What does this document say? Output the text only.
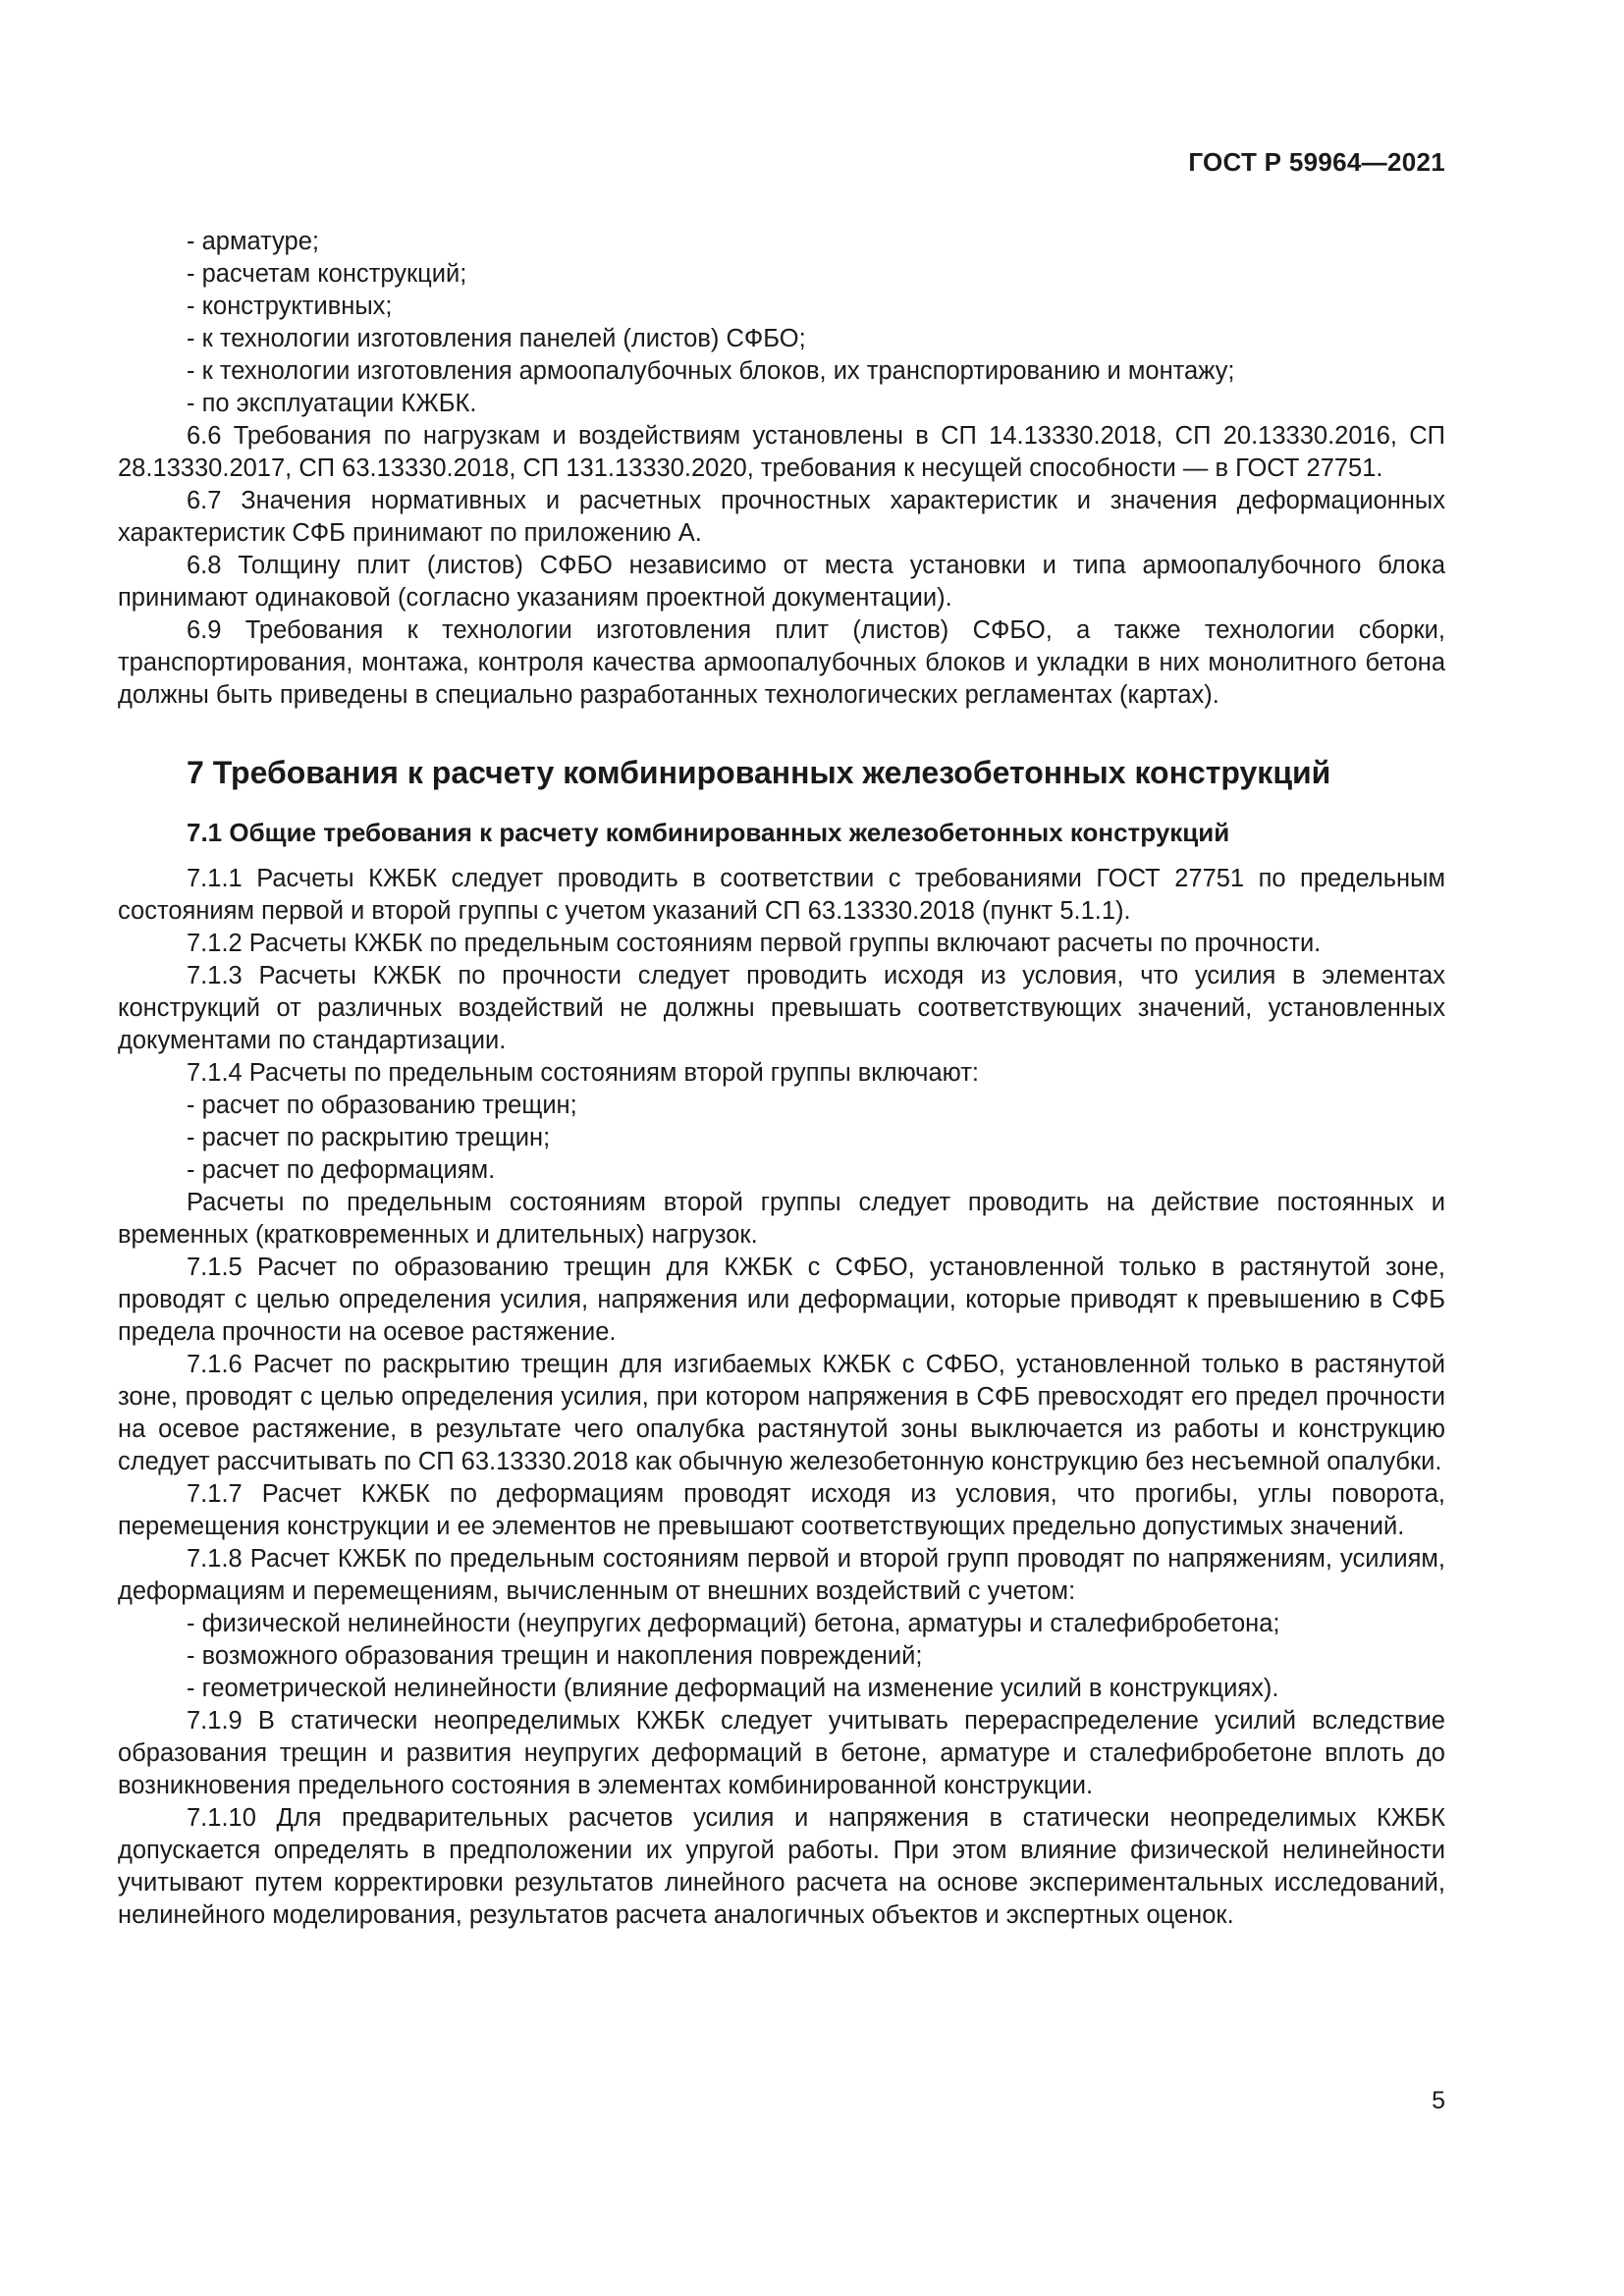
ГОСТ Р 59964—2021

- арматуре;

- расчетам конструкций;

- конструктивных;

- к технологии изготовления панелей (листов) СФБО;

- к технологии изготовления армоопалубочных блоков, их транспортированию и монтажу;

- по эксплуатации КЖБК.

6.6 Требования по нагрузкам и воздействиям установлены в СП 14.13330.2018, СП 20.13330.2016, СП 28.13330.2017, СП 63.13330.2018, СП 131.13330.2020, требования к несущей способности — в ГОСТ 27751.

6.7 Значения нормативных и расчетных прочностных характеристик и значения деформационных характеристик СФБ принимают по приложению А.

6.8 Толщину плит (листов) СФБО независимо от места установки и типа армоопалубочного блока принимают одинаковой (согласно указаниям проектной документации).

6.9 Требования к технологии изготовления плит (листов) СФБО, а также технологии сборки, транспортирования, монтажа, контроля качества армоопалубочных блоков и укладки в них монолитного бетона должны быть приведены в специально разработанных технологических регламентах (картах).

7 Требования к расчету комбинированных железобетонных конструкций
7.1 Общие требования к расчету комбинированных железобетонных конструкций

7.1.1 Расчеты КЖБК следует проводить в соответствии с требованиями ГОСТ 27751 по предельным состояниям первой и второй группы с учетом указаний СП 63.13330.2018 (пункт 5.1.1).

7.1.2 Расчеты КЖБК по предельным состояниям первой группы включают расчеты по прочности.

7.1.3 Расчеты КЖБК по прочности следует проводить исходя из условия, что усилия в элементах конструкций от различных воздействий не должны превышать соответствующих значений, установленных документами по стандартизации.

7.1.4 Расчеты по предельным состояниям второй группы включают:

- расчет по образованию трещин;

- расчет по раскрытию трещин;

- расчет по деформациям.

Расчеты по предельным состояниям второй группы следует проводить на действие постоянных и временных (кратковременных и длительных) нагрузок.

7.1.5 Расчет по образованию трещин для КЖБК с СФБО, установленной только в растянутой зоне, проводят с целью определения усилия, напряжения или деформации, которые приводят к превышению в СФБ предела прочности на осевое растяжение.

7.1.6 Расчет по раскрытию трещин для изгибаемых КЖБК с СФБО, установленной только в растянутой зоне, проводят с целью определения усилия, при котором напряжения в СФБ превосходят его предел прочности на осевое растяжение, в результате чего опалубка растянутой зоны выключается из работы и конструкцию следует рассчитывать по СП 63.13330.2018 как обычную железобетонную конструкцию без несъемной опалубки.

7.1.7 Расчет КЖБК по деформациям проводят исходя из условия, что прогибы, углы поворота, перемещения конструкции и ее элементов не превышают соответствующих предельно допустимых значений.

7.1.8 Расчет КЖБК по предельным состояниям первой и второй групп проводят по напряжениям, усилиям, деформациям и перемещениям, вычисленным от внешних воздействий с учетом:

- физической нелинейности (неупругих деформаций) бетона, арматуры и сталефибробетона;

- возможного образования трещин и накопления повреждений;

- геометрической нелинейности (влияние деформаций на изменение усилий в конструкциях).

7.1.9 В статически неопределимых КЖБК следует учитывать перераспределение усилий вследствие образования трещин и развития неупругих деформаций в бетоне, арматуре и сталефибробетоне вплоть до возникновения предельного состояния в элементах комбинированной конструкции.

7.1.10 Для предварительных расчетов усилия и напряжения в статически неопределимых КЖБК допускается определять в предположении их упругой работы. При этом влияние физической нелинейности учитывают путем корректировки результатов линейного расчета на основе экспериментальных исследований, нелинейного моделирования, результатов расчета аналогичных объектов и экспертных оценок.

5
